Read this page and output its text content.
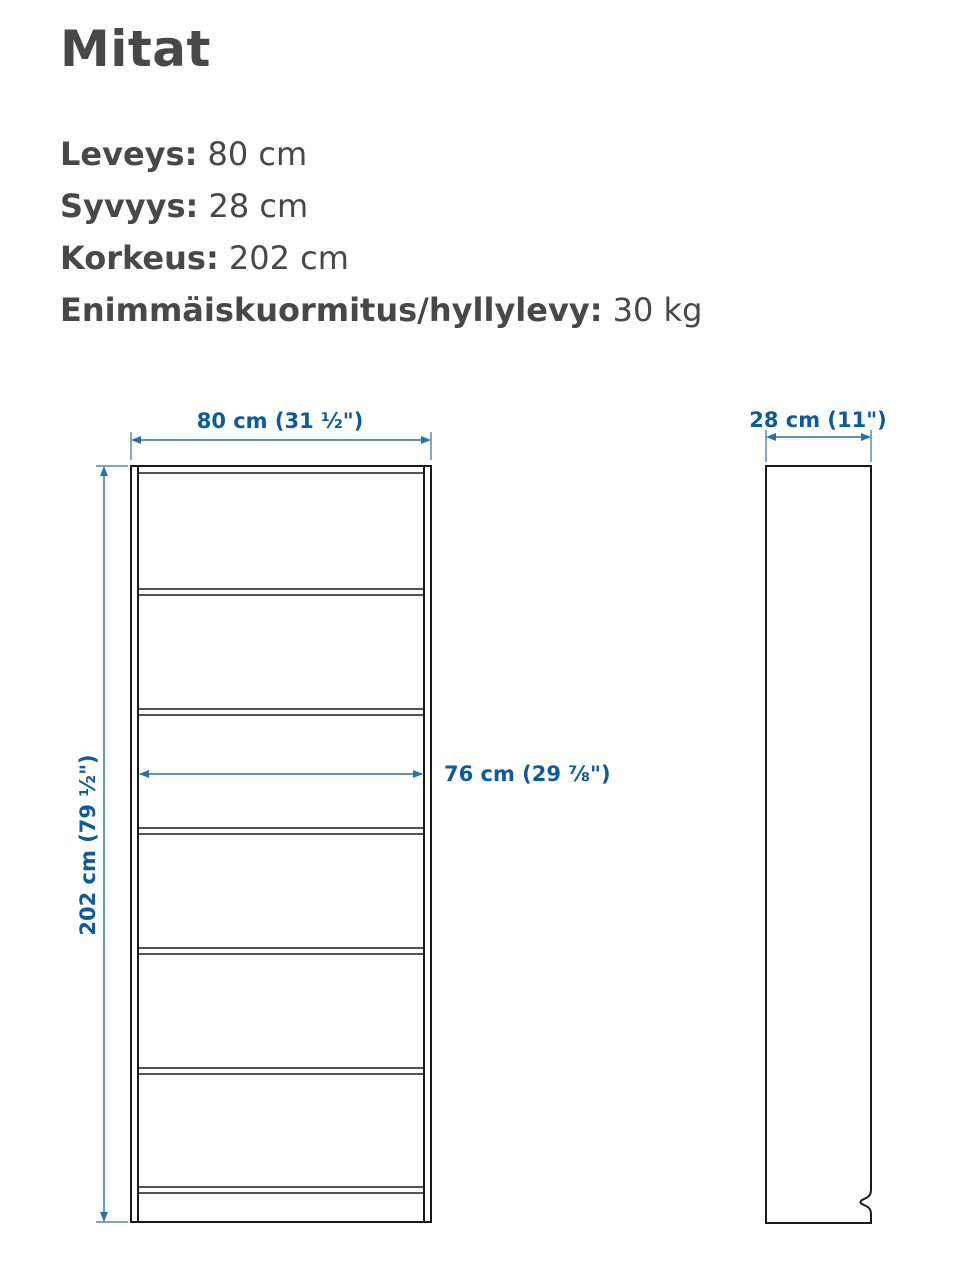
Mitat
Leveys: 80 cm
Syvyys: 28 cm
Korkeus: 202 cm
Enimmäiskuormitus/hyllylevy: 30 kg
80 cm (31 ½")
202 cm (79 ½")	76 cm (29 ⅞")
28 cm (11")
